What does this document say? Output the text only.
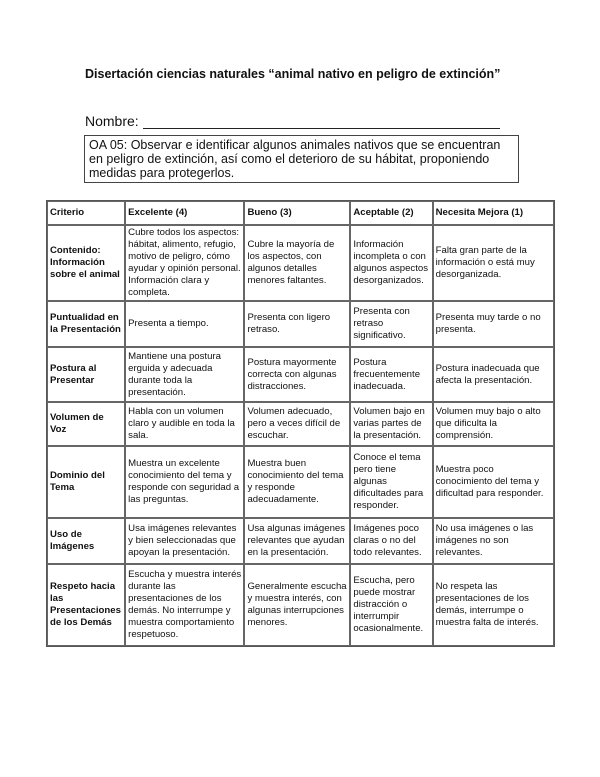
Disertación ciencias naturales “animal nativo en peligro de extinción”
Nombre:
OA 05: Observar e identificar algunos animales nativos que se encuentran en peligro de extinción, así como el deterioro de su hábitat, proponiendo medidas para protegerlos.
Criterio	Excelente (4)	Bueno (3)	Aceptable (2)	Necesita Mejora (1)
Contenido: Información sobre el animal	Cubre todos los aspectos: hábitat, alimento, refugio, motivo de peligro, cómo ayudar y opinión personal. Información clara y completa.	Cubre la mayoría de los aspectos, con algunos detalles menores faltantes.	Información incompleta o con algunos aspectos desorganizados.	Falta gran parte de la información o está muy desorganizada.
Puntualidad en la Presentación	Presenta a tiempo.	Presenta con ligero retraso.	Presenta con retraso significativo.	Presenta muy tarde o no presenta.
Postura al Presentar	Mantiene una postura erguida y adecuada durante toda la presentación.	Postura mayormente correcta con algunas distracciones.	Postura frecuentemente inadecuada.	Postura inadecuada que afecta la presentación.
Volumen de Voz	Habla con un volumen claro y audible en toda la sala.	Volumen adecuado, pero a veces difícil de escuchar.	Volumen bajo en varias partes de la presentación.	Volumen muy bajo o alto que dificulta la comprensión.
Dominio del Tema	Muestra un excelente conocimiento del tema y responde con seguridad a las preguntas.	Muestra buen conocimiento del tema y responde adecuadamente.	Conoce el tema pero tiene algunas dificultades para responder.	Muestra poco conocimiento del tema y dificultad para responder.
Uso de Imágenes	Usa imágenes relevantes y bien seleccionadas que apoyan la presentación.	Usa algunas imágenes relevantes que ayudan en la presentación.	Imágenes poco claras o no del todo relevantes.	No usa imágenes o las imágenes no son relevantes.
Respeto hacia las Presentaciones de los Demás	Escucha y muestra interés durante las presentaciones de los demás. No interrumpe y muestra comportamiento respetuoso.	Generalmente escucha y muestra interés, con algunas interrupciones menores.	Escucha, pero puede mostrar distracción o interrumpir ocasionalmente.	No respeta las presentaciones de los demás, interrumpe o muestra falta de interés.
